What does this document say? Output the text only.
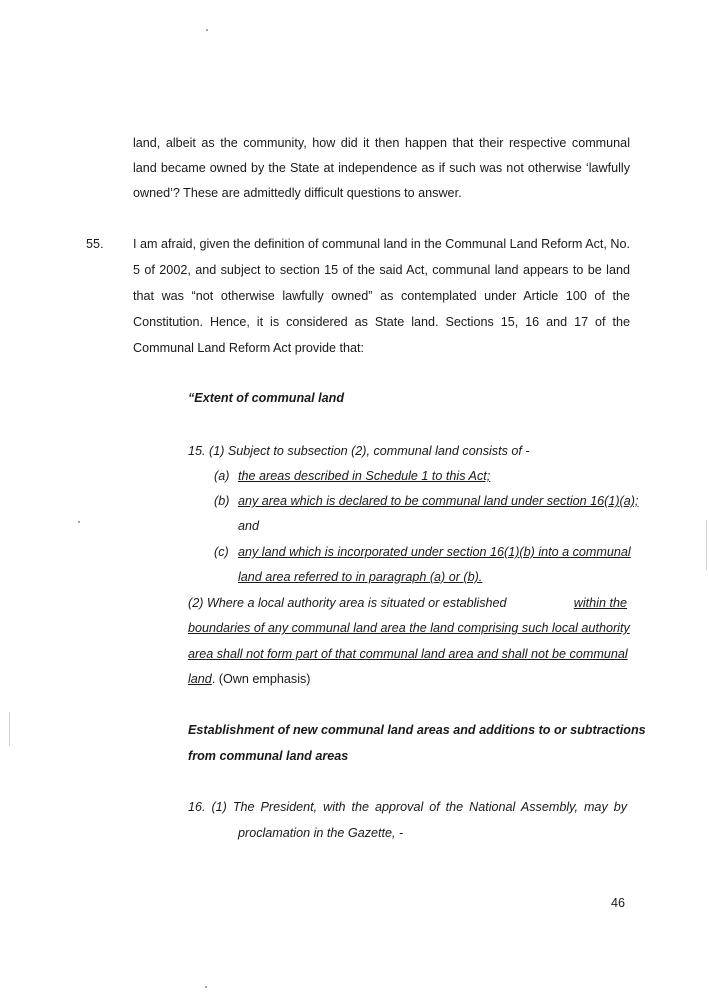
land, albeit as the community, how did it then happen that their respective communal
land became owned by the State at independence as if such was not otherwise ‘lawfully
owned’? These are admittedly difficult questions to answer.
55. I am afraid, given the definition of communal land in the Communal Land Reform Act, No.
5 of 2002, and subject to section 15 of the said Act, communal land appears to be land
that was “not otherwise lawfully owned” as contemplated under Article 100 of the
Constitution. Hence, it is considered as State land. Sections 15, 16 and 17 of the
Communal Land Reform Act provide that:
“Extent of communal land
15. (1) Subject to subsection (2), communal land consists of -
(a) the areas described in Schedule 1 to this Act;
(b) any area which is declared to be communal land under section 16(1)(a);
and
(c) any land which is incorporated under section 16(1)(b) into a communal
land area referred to in paragraph (a) or (b).
(2) Where a local authority area is situated or established	within the
boundaries of any communal land area the land comprising such local authority
area shall not form part of that communal land area and shall not be communal
land. (Own emphasis)
Establishment of new communal land areas and additions to or subtractions
from communal land areas
16. (1) The President, with the approval of the National Assembly, may by
proclamation in the Gazette, -
46
